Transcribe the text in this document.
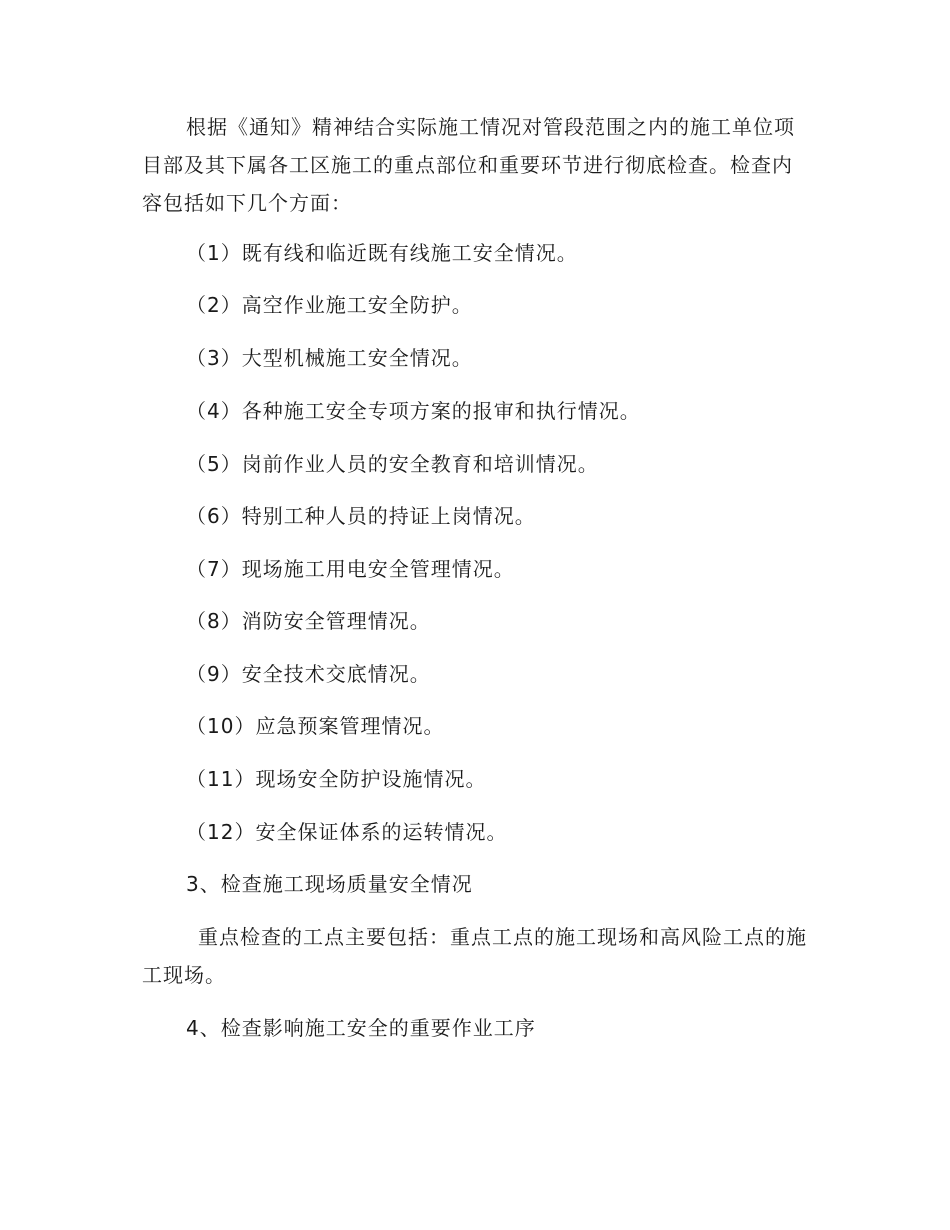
根据《通知》精神结合实际施工情况对管段范围之内的施工单位项目部及其下属各工区施工的重点部位和重要环节进行彻底检查。检查内容包括如下几个方面：

（1）既有线和临近既有线施工安全情况。

（2）高空作业施工安全防护。

（3）大型机械施工安全情况。

（4）各种施工安全专项方案的报审和执行情况。

（5）岗前作业人员的安全教育和培训情况。

（6）特别工种人员的持证上岗情况。

（7）现场施工用电安全管理情况。

（8）消防安全管理情况。

（9）安全技术交底情况。

（10）应急预案管理情况。

（11）现场安全防护设施情况。

（12）安全保证体系的运转情况。

3、检查施工现场质量安全情况

重点检查的工点主要包括：重点工点的施工现场和高风险工点的施工现场。

4、检查影响施工安全的重要作业工序
